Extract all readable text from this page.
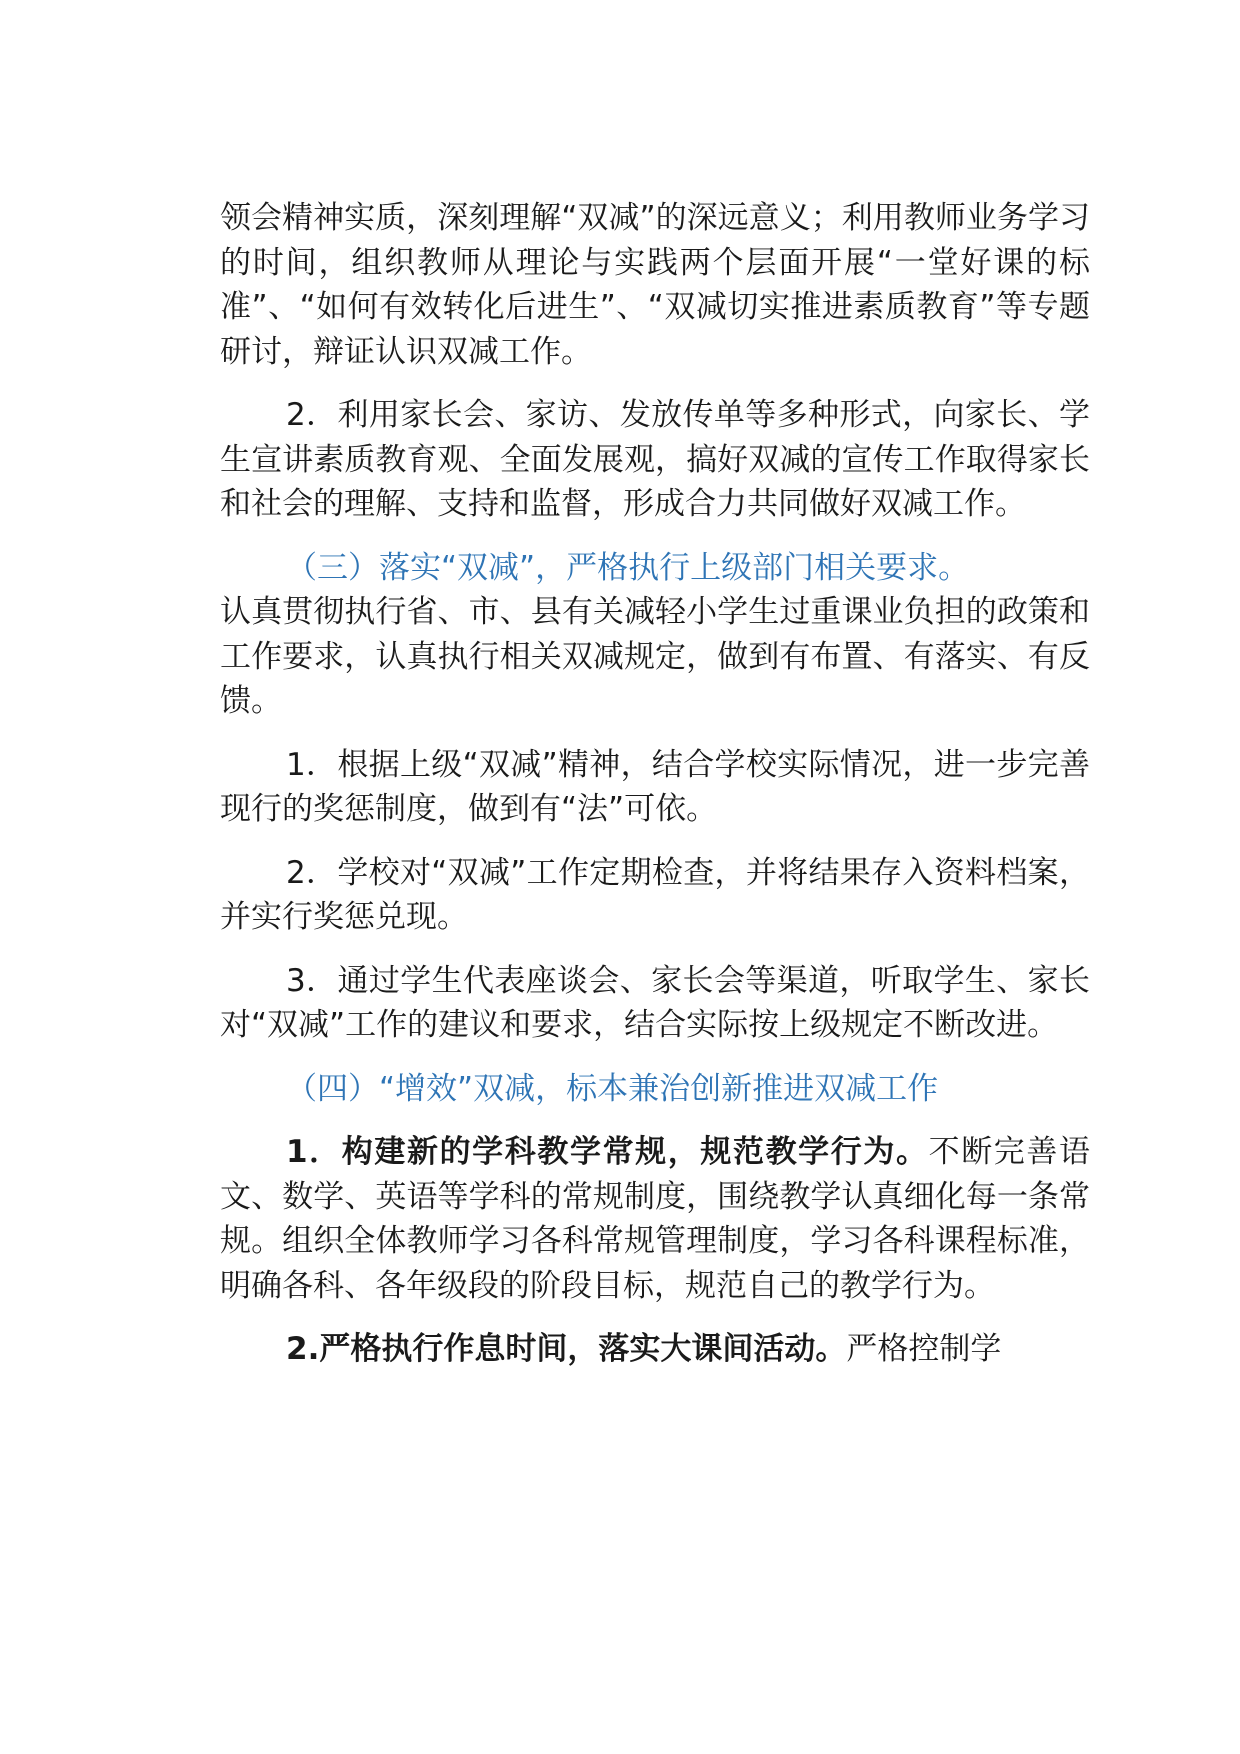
领会精神实质，深刻理解“双减”的深远意义；利用教师业务学习的时间，组织教师从理论与实践两个层面开展“一堂好课的标准”、“如何有效转化后进生”、“双减切实推进素质教育”等专题研讨，辩证认识双减工作。

2．利用家长会、家访、发放传单等多种形式，向家长、学生宣讲素质教育观、全面发展观，搞好双减的宣传工作取得家长和社会的理解、支持和监督，形成合力共同做好双减工作。

（三）落实“双减”，严格执行上级部门相关要求。

认真贯彻执行省、市、县有关减轻小学生过重课业负担的政策和工作要求，认真执行相关双减规定，做到有布置、有落实、有反馈。

1．根据上级“双减”精神，结合学校实际情况，进一步完善现行的奖惩制度，做到有“法”可依。

2．学校对“双减”工作定期检查，并将结果存入资料档案，并实行奖惩兑现。

3．通过学生代表座谈会、家长会等渠道，听取学生、家长对“双减”工作的建议和要求，结合实际按上级规定不断改进。

（四）“增效”双减，标本兼治创新推进双减工作

1．构建新的学科教学常规，规范教学行为。不断完善语文、数学、英语等学科的常规制度，围绕教学认真细化每一条常规。组织全体教师学习各科常规管理制度，学习各科课程标准，明确各科、各年级段的阶段目标，规范自己的教学行为。

2.严格执行作息时间，落实大课间活动。严格控制学
